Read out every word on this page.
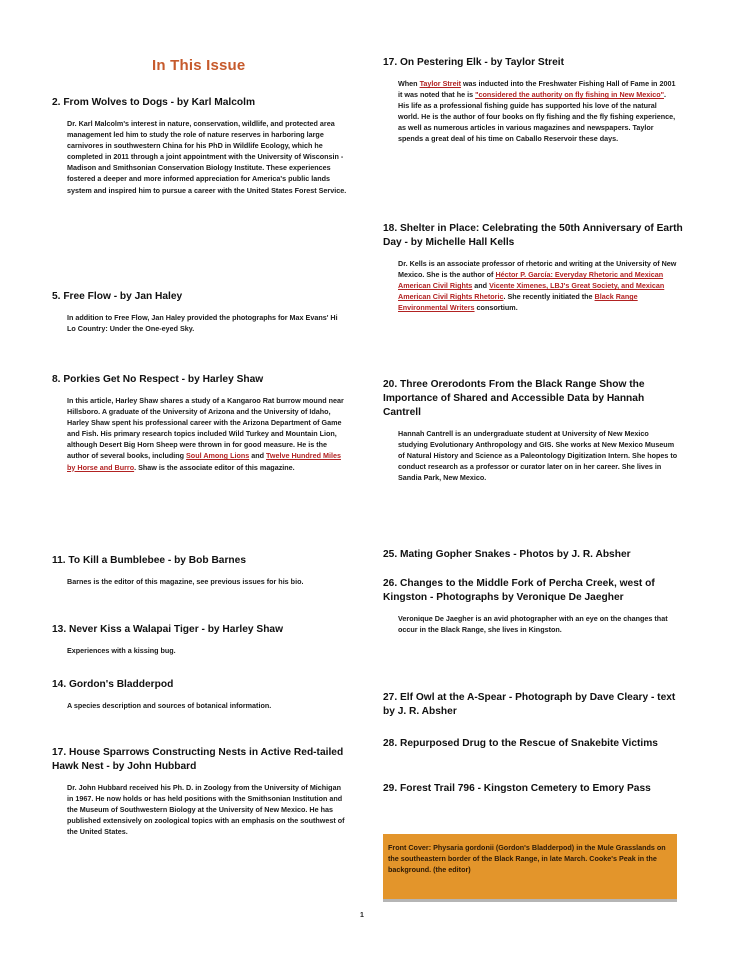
In This Issue
2. From Wolves to Dogs - by Karl Malcolm
Dr. Karl Malcolm's interest in nature, conservation, wildlife, and protected area management led him to study the role of nature reserves in harboring large carnivores in southwestern China for his PhD in Wildlife Ecology, which he completed in 2011 through a joint appointment with the University of Wisconsin - Madison and Smithsonian Conservation Biology Institute. These experiences fostered a deeper and more informed appreciation for America's public lands system and inspired him to pursue a career with the United States Forest Service.
5. Free Flow - by Jan Haley
In addition to Free Flow, Jan Haley provided the photographs for Max Evans' Hi Lo Country: Under the One-eyed Sky.
8. Porkies Get No Respect - by Harley Shaw
In this article, Harley Shaw shares a study of a Kangaroo Rat burrow mound near Hillsboro. A graduate of the University of Arizona and the University of Idaho, Harley Shaw spent his professional career with the Arizona Department of Game and Fish. His primary research topics included Wild Turkey and Mountain Lion, although Desert Big Horn Sheep were thrown in for good measure. He is the author of several books, including Soul Among Lions and Twelve Hundred Miles by Horse and Burro. Shaw is the associate editor of this magazine.
11. To Kill a Bumblebee - by Bob Barnes
Barnes is the editor of this magazine, see previous issues for his bio.
13. Never Kiss a Walapai Tiger - by Harley Shaw
Experiences with a kissing bug.
14. Gordon's Bladderpod
A species description and sources of botanical information.
17. House Sparrows Constructing Nests in Active Red-tailed Hawk Nest - by John Hubbard
Dr. John Hubbard received his Ph. D. in Zoology from the University of Michigan in 1967. He now holds or has held positions with the Smithsonian Institution and the Museum of Southwestern Biology at the University of New Mexico. He has published extensively on zoological topics with an emphasis on the southwest of the United States.
17. On Pestering Elk - by Taylor Streit
When Taylor Streit was inducted into the Freshwater Fishing Hall of Fame in 2001 it was noted that he is "considered the authority on fly fishing in New Mexico". His life as a professional fishing guide has supported his love of the natural world. He is the author of four books on fly fishing and the fly fishing experience, as well as numerous articles in various magazines and newspapers. Taylor spends a great deal of his time on Caballo Reservoir these days.
18. Shelter in Place: Celebrating the 50th Anniversary of Earth Day - by Michelle Hall Kells
Dr. Kells is an associate professor of rhetoric and writing at the University of New Mexico. She is the author of Héctor P. García: Everyday Rhetoric and Mexican American Civil Rights and Vicente Ximenes, LBJ's Great Society, and Mexican American Civil Rights Rhetoric. She recently initiated the Black Range Environmental Writers consortium.
20. Three Orerodonts From the Black Range Show the Importance of Shared and Accessible Data by Hannah Cantrell
Hannah Cantrell is an undergraduate student at University of New Mexico studying Evolutionary Anthropology and GIS. She works at New Mexico Museum of Natural History and Science as a Paleontology Digitization Intern. She hopes to conduct research as a professor or curator later on in her career. She lives in Sandia Park, New Mexico.
25. Mating Gopher Snakes - Photos by J. R. Absher
26. Changes to the Middle Fork of Percha Creek, west of Kingston - Photographs by Veronique De Jaegher
Veronique De Jaegher is an avid photographer with an eye on the changes that occur in the Black Range, she lives in Kingston.
27. Elf Owl at the A-Spear - Photograph by Dave Cleary - text by J. R. Absher
28. Repurposed Drug to the Rescue of Snakebite Victims
29. Forest Trail 796 - Kingston Cemetery to Emory Pass
Front Cover: Physaria gordonii (Gordon's Bladderpod) in the Mule Grasslands on the southeastern border of the Black Range, in late March. Cooke's Peak in the background. (the editor)
1
